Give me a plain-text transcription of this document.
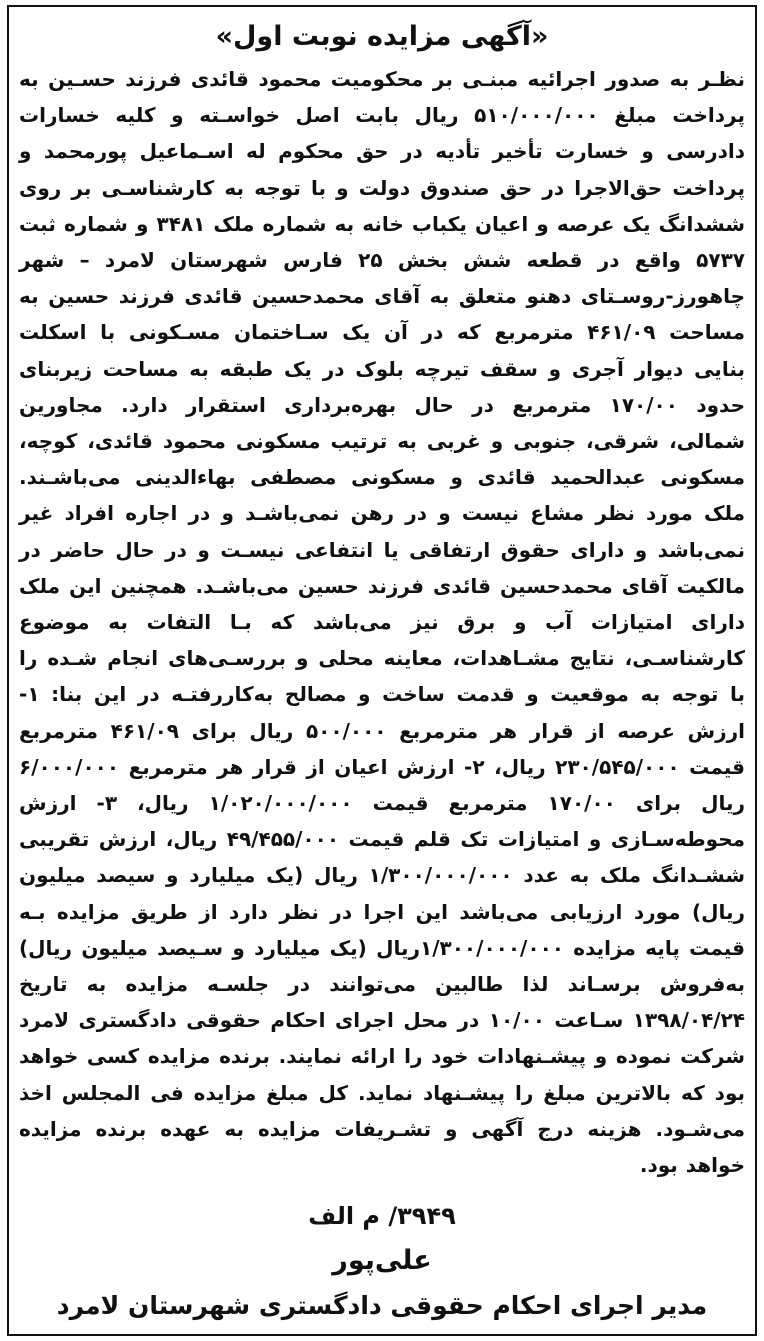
«آگهی مزایده نوبت اول»
نظـر به صدور اجرائیه مبنـی بر محکومیت محمود قائدی فرزند حسـین به پرداخت مبلغ ۵۱۰/۰۰۰/۰۰۰ ریال بابت اصل خواسـته و کلیه خسارات دادرسی و خسارت تأخیر تأدیه در حق محکوم له اسـماعیل پورمحمد و پرداخت حق‌الاجرا در حق صندوق دولت و با توجه به کارشناسـی بر روی ششدانگ یک عرصه و اعیان یکباب خانه به شماره ملک ۳۴۸۱ و شماره ثبت ۵۷۳۷ واقع در قطعه شش بخش ۲۵ فارس شهرستان لامرد – شهر چاهورز-روسـتای دهنو متعلق به آقای محمدحسین قائدی فرزند حسین به مساحت ۴۶۱/۰۹ مترمربع که در آن یک سـاختمان مسـکونی با اسکلت بنایی دیوار آجری و سقف تیرچه بلوک در یک طبقه به مساحت زیربنای حدود ۱۷۰/۰۰ مترمربع در حال بهره‌برداری استقرار دارد. مجاورین شمالی، شرقی، جنوبی و غربی به ترتیب مسکونی محمود قائدی، کوچه، مسکونی عبدالحمید قائدی و مسکونی مصطفی بهاءالدینی می‌باشـند. ملک مورد نظر مشاع نیست و در رهن نمی‌باشـد و در اجاره افراد غیر نمی‌باشد و دارای حقوق ارتفاقی یا انتفاعی نیسـت و در حال حاضر در مالکیت آقای محمدحسین قائدی فرزند حسین می‌باشـد. همچنین این ملک دارای امتیازات آب و برق نیز می‌باشد که بـا التفات به موضوع کارشناسـی، نتایج مشـاهدات، معاینه محلی و بررسـی‌های انجام شـده را با توجه به موقعیت و قدمت ساخت و مصالح به‌کاررفتـه در این بنا: ۱- ارزش عرصه از قرار هر مترمربع ۵۰۰/۰۰۰ ریال برای ۴۶۱/۰۹ مترمربع قیمت ۲۳۰/۵۴۵/۰۰۰ ریال، ۲- ارزش اعیان از قرار هر مترمربع ۶/۰۰۰/۰۰۰ ریال برای ۱۷۰/۰۰ مترمربع قیمت ۱/۰۲۰/۰۰۰/۰۰۰ ریال، ۳- ارزش محوطه‌سـازی و امتیازات تک قلم قیمت ۴۹/۴۵۵/۰۰۰ ریال، ارزش تقریبی ششـدانگ ملک به عدد ۱/۳۰۰/۰۰۰/۰۰۰ ریال (یک میلیارد و سیصد میلیون ریال) مورد ارزیابی می‌باشد این اجرا در نظر دارد از طریق مزایده بـه قیمت پایه مزایده ۱/۳۰۰/۰۰۰/۰۰۰ریال (یک میلیارد و سـیصد میلیون ریال) به‌فروش برسـاند لذا طالبین می‌توانند در جلسـه مزایده به تاریخ ۱۳۹۸/۰۴/۲۴ سـاعت ۱۰/۰۰ در محل اجرای احکام حقوقی دادگستری لامرد شرکت نموده و پیشـنهادات خود را ارائه نمایند. برنده مزایده کسی خواهد بود که بالاترین مبلغ را پیشـنهاد نماید. کل مبلغ مزایده فی المجلس اخذ می‌شـود. هزینه درج آگهی و تشـریفات مزایده به عهده برنده مزایده خواهد بود.
۳۹۴۹/ م الف
علی‌پور
مدیر اجرای احکام حقوقی دادگستری شهرستان لامرد
